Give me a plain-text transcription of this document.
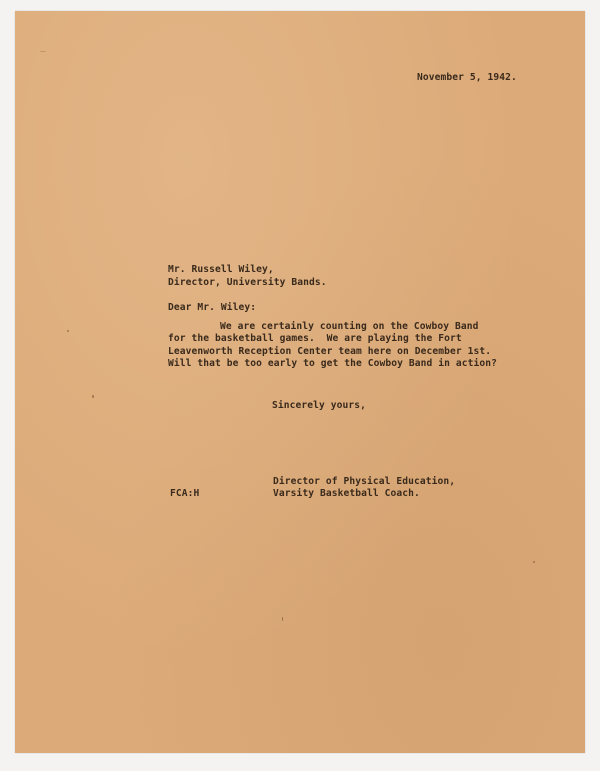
November 5, 1942.
Mr. Russell Wiley,
Director, University Bands.
Dear Mr. Wiley:
We are certainly counting on the Cowboy Band
for the basketball games.  We are playing the Fort
Leavenworth Reception Center team here on December 1st.
Will that be too early to get the Cowboy Band in action?
Sincerely yours,
Director of Physical Education,
Varsity Basketball Coach.
FCA:H
